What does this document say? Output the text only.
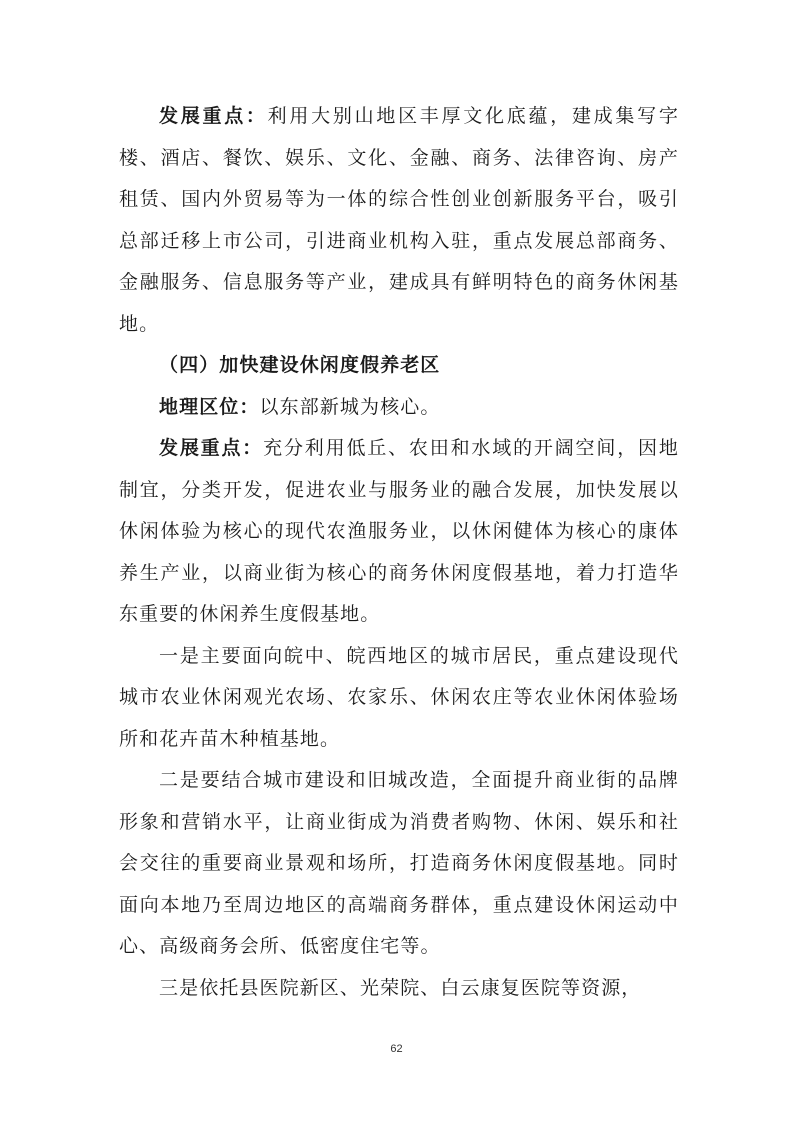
发展重点：利用大别山地区丰厚文化底蕴，建成集写字楼、酒店、餐饮、娱乐、文化、金融、商务、法律咨询、房产租赁、国内外贸易等为一体的综合性创业创新服务平台，吸引总部迁移上市公司，引进商业机构入驻，重点发展总部商务、金融服务、信息服务等产业，建成具有鲜明特色的商务休闲基地。

（四）加快建设休闲度假养老区

地理区位：以东部新城为核心。

发展重点：充分利用低丘、农田和水域的开阔空间，因地制宜，分类开发，促进农业与服务业的融合发展，加快发展以休闲体验为核心的现代农渔服务业，以休闲健体为核心的康体养生产业，以商业街为核心的商务休闲度假基地，着力打造华东重要的休闲养生度假基地。

一是主要面向皖中、皖西地区的城市居民，重点建设现代城市农业休闲观光农场、农家乐、休闲农庄等农业休闲体验场所和花卉苗木种植基地。

二是要结合城市建设和旧城改造，全面提升商业街的品牌形象和营销水平，让商业街成为消费者购物、休闲、娱乐和社会交往的重要商业景观和场所，打造商务休闲度假基地。同时面向本地乃至周边地区的高端商务群体，重点建设休闲运动中心、高级商务会所、低密度住宅等。

三是依托县医院新区、光荣院、白云康复医院等资源，

62
